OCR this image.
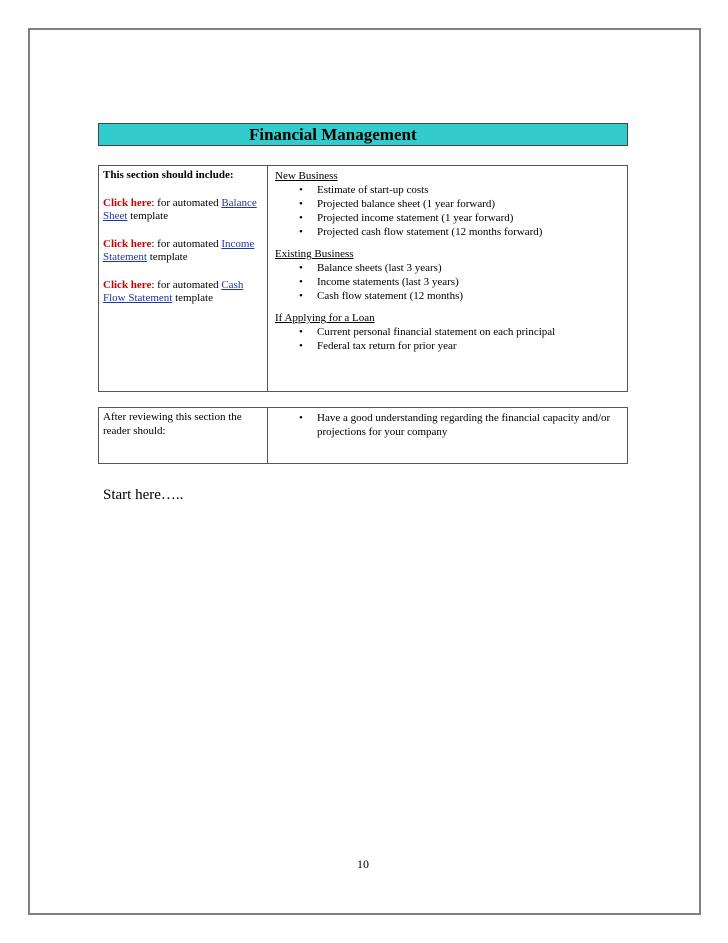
Financial Management
This section should include:
Click here: for automated Balance Sheet template
Click here: for automated Income Statement template
Click here: for automated Cash Flow Statement template
New Business
• Estimate of start-up costs
• Projected balance sheet (1 year forward)
• Projected income statement (1 year forward)
• Projected cash flow statement (12 months forward)
Existing Business
• Balance sheets (last 3 years)
• Income statements (last 3 years)
• Cash flow statement (12 months)
If Applying for a Loan
• Current personal financial statement on each principal
• Federal tax return for prior year
After reviewing this section the reader should:
• Have a good understanding regarding the financial capacity and/or projections for your company
Start here…..
10
